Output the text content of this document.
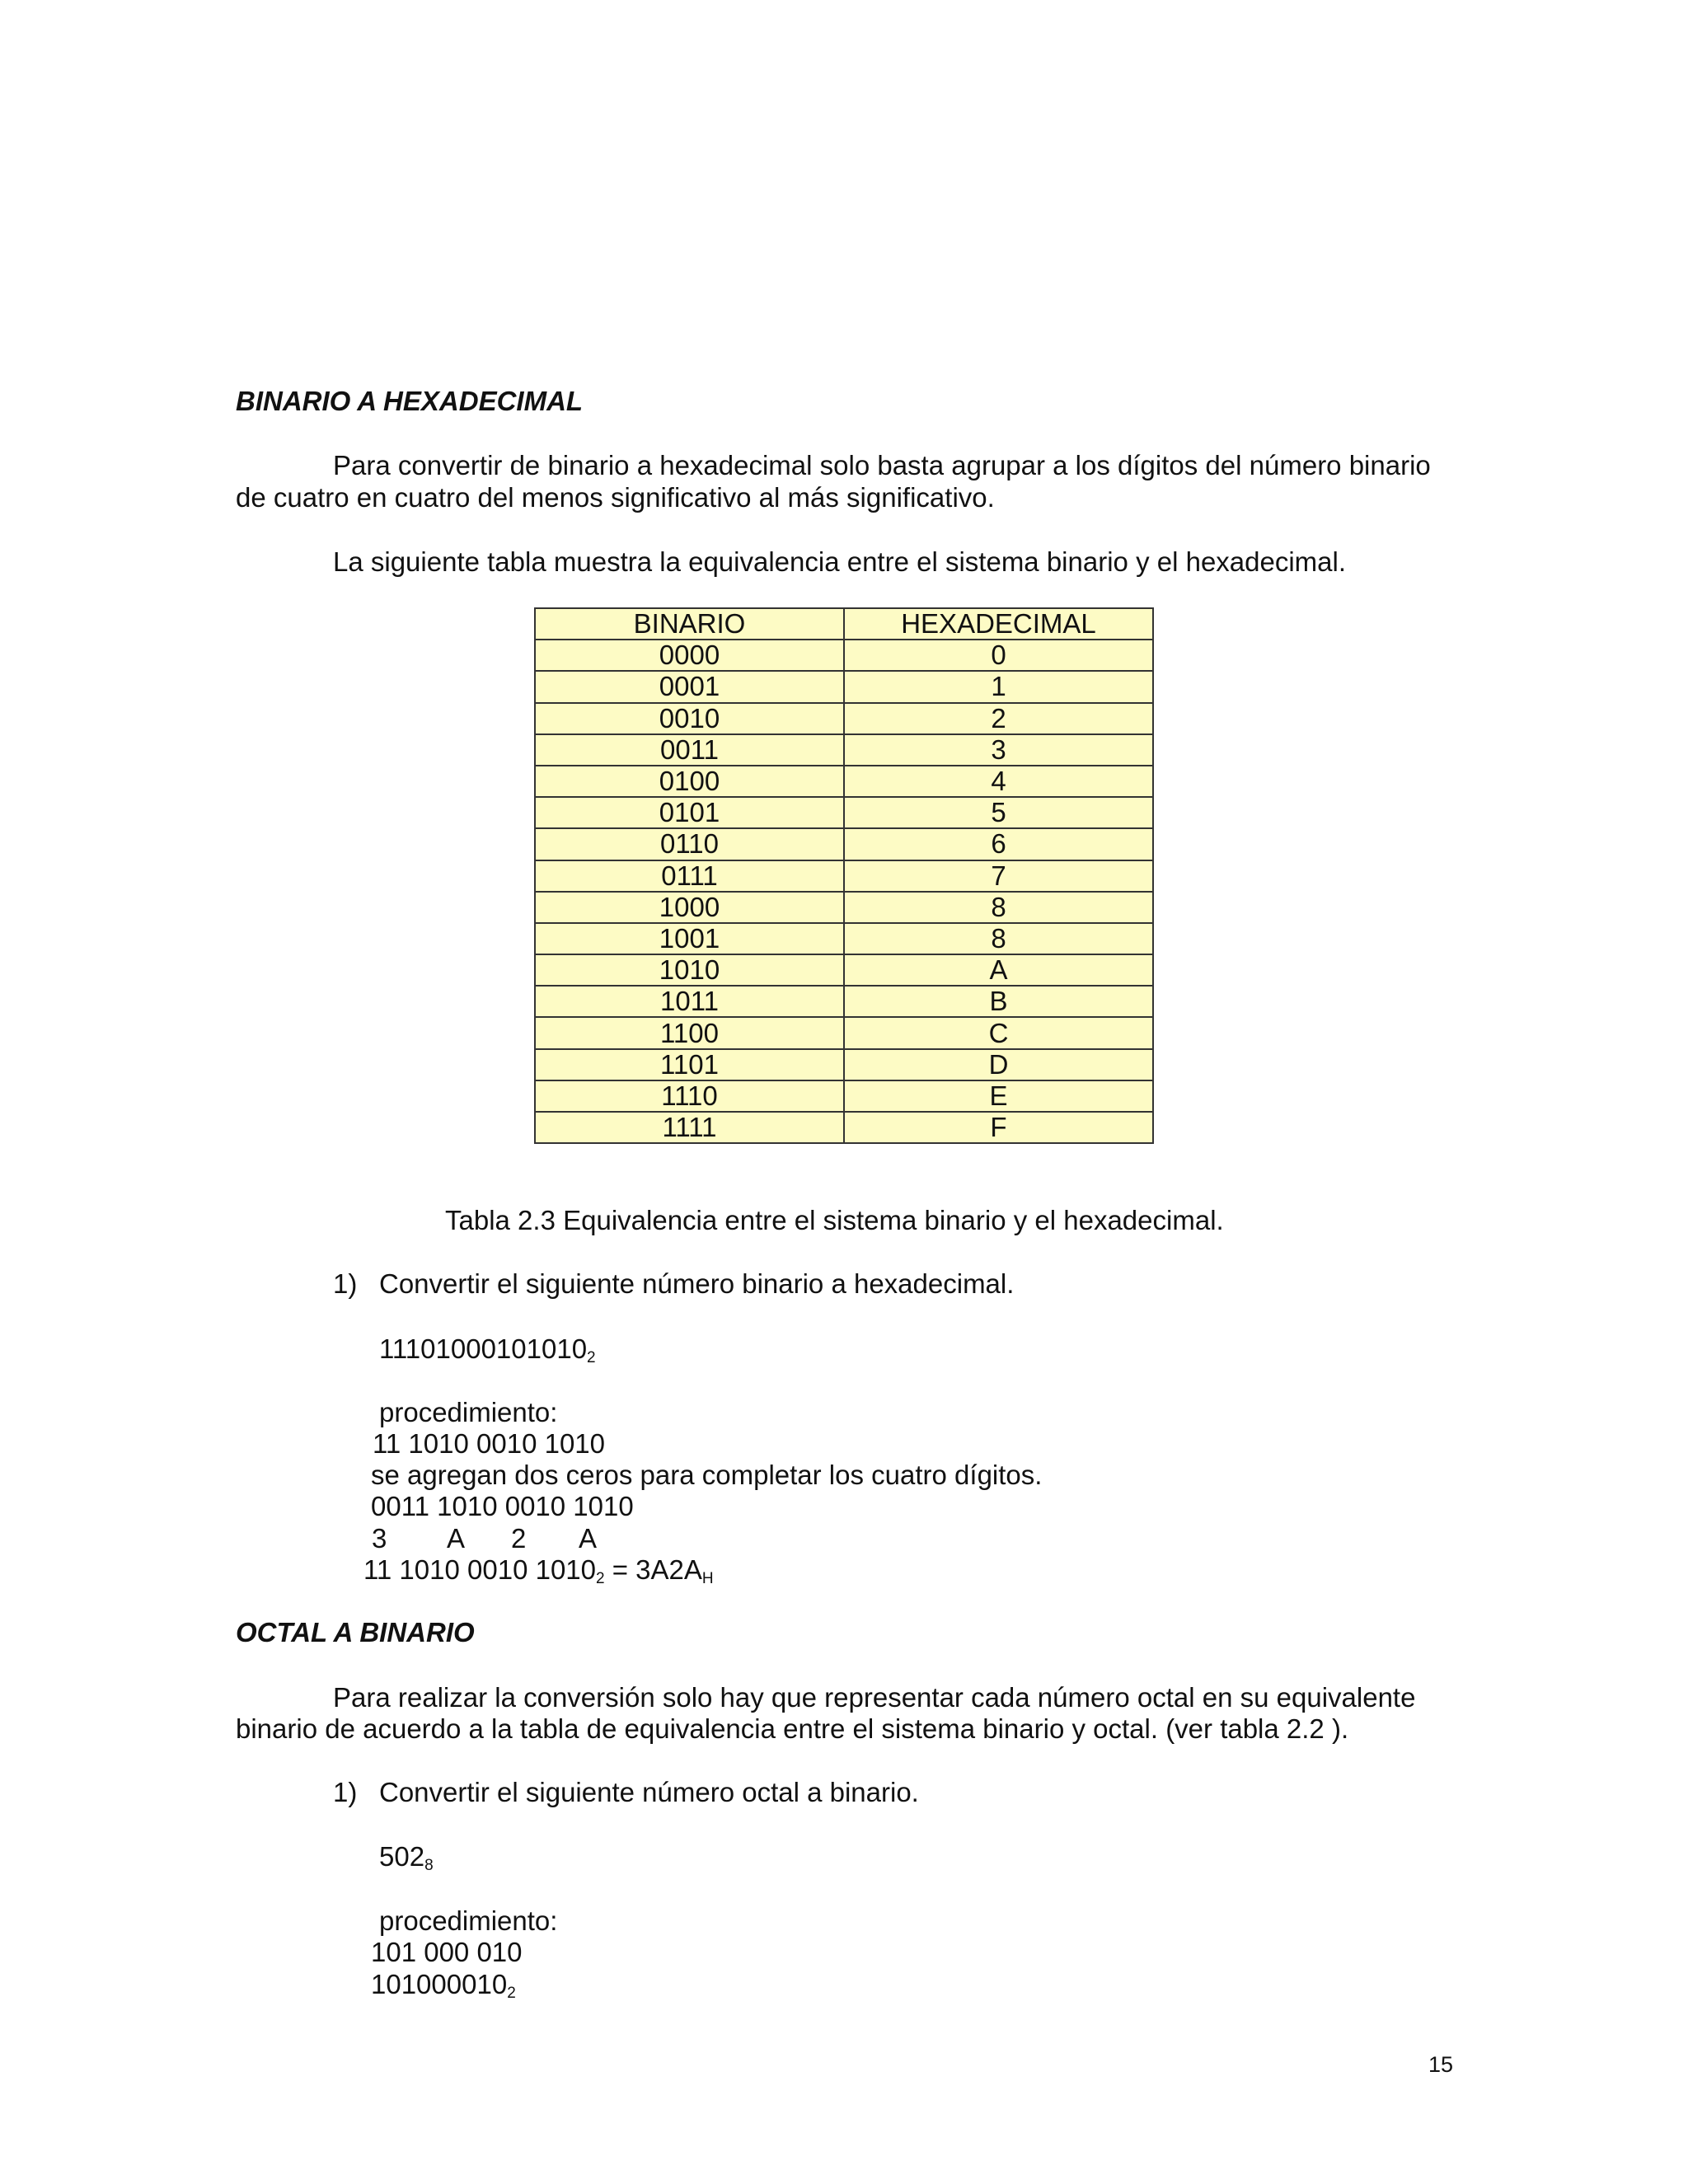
BINARIO A HEXADECIMAL
Para convertir de binario a hexadecimal solo basta agrupar a los dígitos del número binario
de cuatro en cuatro del menos significativo al más significativo.
La siguiente tabla muestra la equivalencia entre el sistema binario y el hexadecimal.
BINARIO	HEXADECIMAL
0000	0
0001	1
0010	2
0011	3
0100	4
0101	5
0110	6
0111	7
1000	8
1001	8
1010	A
1011	B
1100	C
1101	D
1110	E
1111	F
Tabla 2.3 Equivalencia entre el sistema binario y el hexadecimal.
1) Convertir el siguiente número binario a hexadecimal.
$11101000101010_2$
procedimiento:
11 1010 0010 1010
se agregan dos ceros para completar los cuatro dígitos.
0011 1010 0010 1010
3 A 2 A
11 1010 0010 $1010_2 = 3A2A_H$
OCTAL A BINARIO
Para realizar la conversión solo hay que representar cada número octal en su equivalente
binario de acuerdo a la tabla de equivalencia entre el sistema binario y octal. (ver tabla 2.2 ).
1) Convertir el siguiente número octal a binario.
$502_8$
procedimiento:
101 000 010
$101000010_2$
15
